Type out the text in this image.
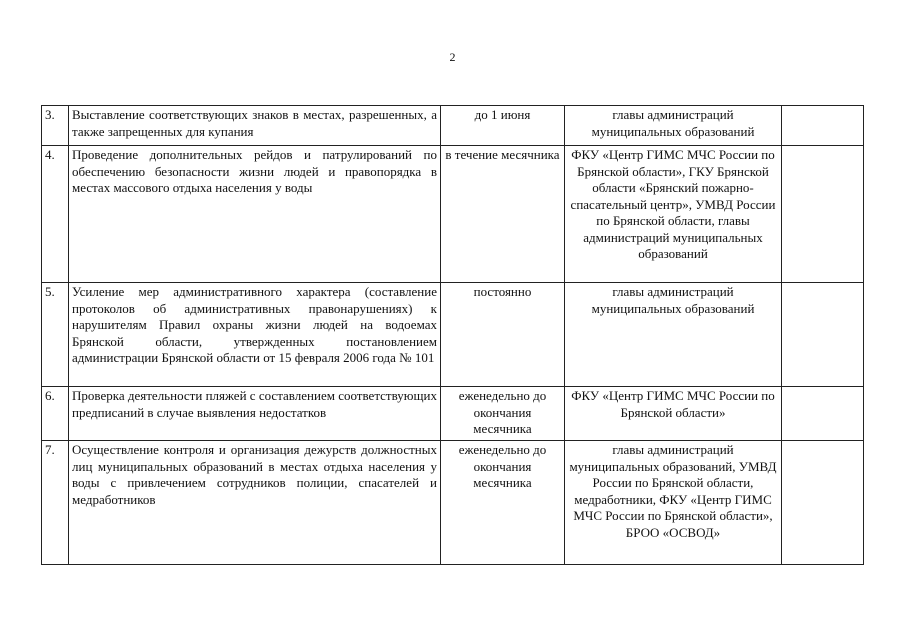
2
3.	Выставление соответствующих знаков в местах, разрешенных, а также запрещенных для купания	до 1 июня	главы администраций муниципальных образований	
4.	Проведение дополнительных рейдов и патрулирований по обеспечению безопасности жизни людей и правопорядка в местах массового отдыха населения у воды	в течение месячника	ФКУ «Центр ГИМС МЧС России по Брянской области», ГКУ Брянской области «Брянский пожарно-спасательный центр», УМВД России по Брянской области, главы администраций муниципальных образований	
5.	Усиление мер административного характера (составление протоколов об административных правонарушениях) к нарушителям Правил охраны жизни людей на водоемах Брянской области, утвержденных постановлением администрации Брянской области от 15 февраля 2006 года № 101	постоянно	главы администраций муниципальных образований	
6.	Проверка деятельности пляжей с составлением соответствующих предписаний в случае выявления недостатков	еженедельно до окончания месячника	ФКУ «Центр ГИМС МЧС России по Брянской области»	
7.	Осуществление контроля и организация дежурств должностных лиц муниципальных образований в местах отдыха населения у воды с привлечением сотрудников полиции, спасателей и медработников	еженедельно до окончания месячника	главы администраций муниципальных образований, УМВД России по Брянской области, медработники, ФКУ «Центр ГИМС МЧС России по Брянской области», БРОО «ОСВОД»	
